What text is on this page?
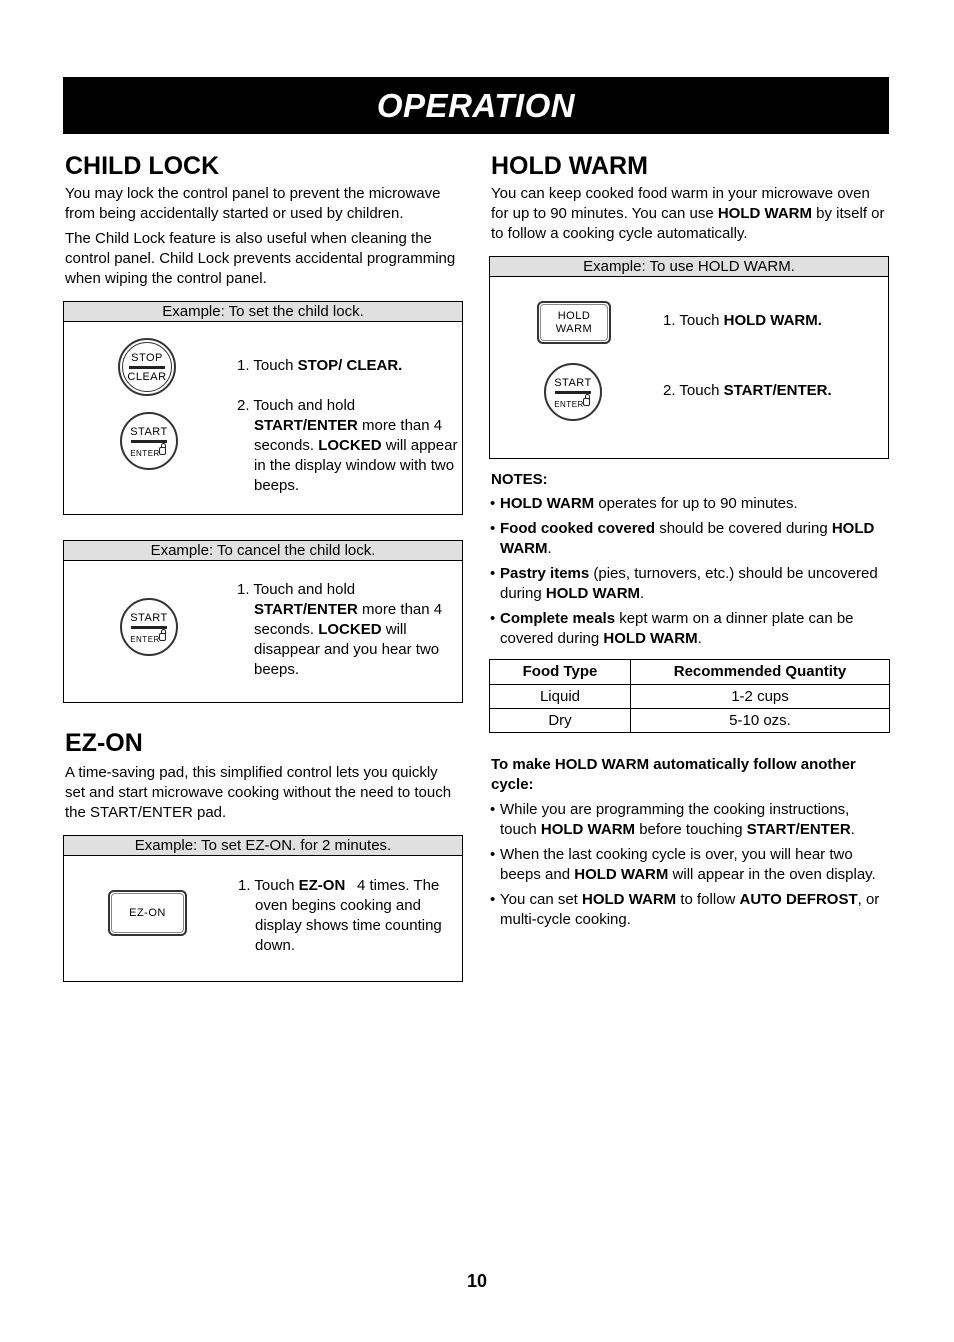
OPERATION
CHILD LOCK

You may lock the control panel to prevent the microwave from being accidentally started or used by children.

The Child Lock feature is also useful when cleaning the control panel. Child Lock prevents accidental programming when wiping the control panel.

Example: To set the child lock.
STOP
CLEAR
START
ENTER
1. Touch STOP/ CLEAR.
2. Touch and hold
START/ENTER more than 4 seconds. LOCKED will appear in the display window with two beeps.
Example: To cancel the child lock.
START
ENTER
1. Touch and hold
START/ENTER more than 4 seconds. LOCKED will disappear and you hear two beeps.
EZ-ON

A time-saving pad, this simplified control lets you quickly set and start microwave cooking without the need to touch the START/ENTER pad.

Example: To set EZ-ON. for 2 minutes.
EZ-ON
1. Touch EZ-ON 4 times. The oven begins cooking and display shows time counting down.
HOLD WARM

You can keep cooked food warm in your microwave oven for up to 90 minutes. You can use HOLD WARM by itself or to follow a cooking cycle automatically.

Example: To use HOLD WARM.
HOLD
WARM
START
ENTER
1. Touch HOLD WARM.
2. Touch START/ENTER.
NOTES:
• HOLD WARM operates for up to 90 minutes.
• Food cooked covered should be covered during HOLD WARM.
• Pastry items (pies, turnovers, etc.) should be uncovered during HOLD WARM.
• Complete meals kept warm on a dinner plate can be covered during HOLD WARM.
Food Type	Recommended Quantity
Liquid	1-2 cups
Dry	5-10 ozs.
To make HOLD WARM automatically follow another cycle:
• While you are programming the cooking instructions, touch HOLD WARM before touching START/ENTER.
• When the last cooking cycle is over, you will hear two beeps and HOLD WARM will appear in the oven display.
• You can set HOLD WARM to follow AUTO DEFROST, or multi-cycle cooking.
10
